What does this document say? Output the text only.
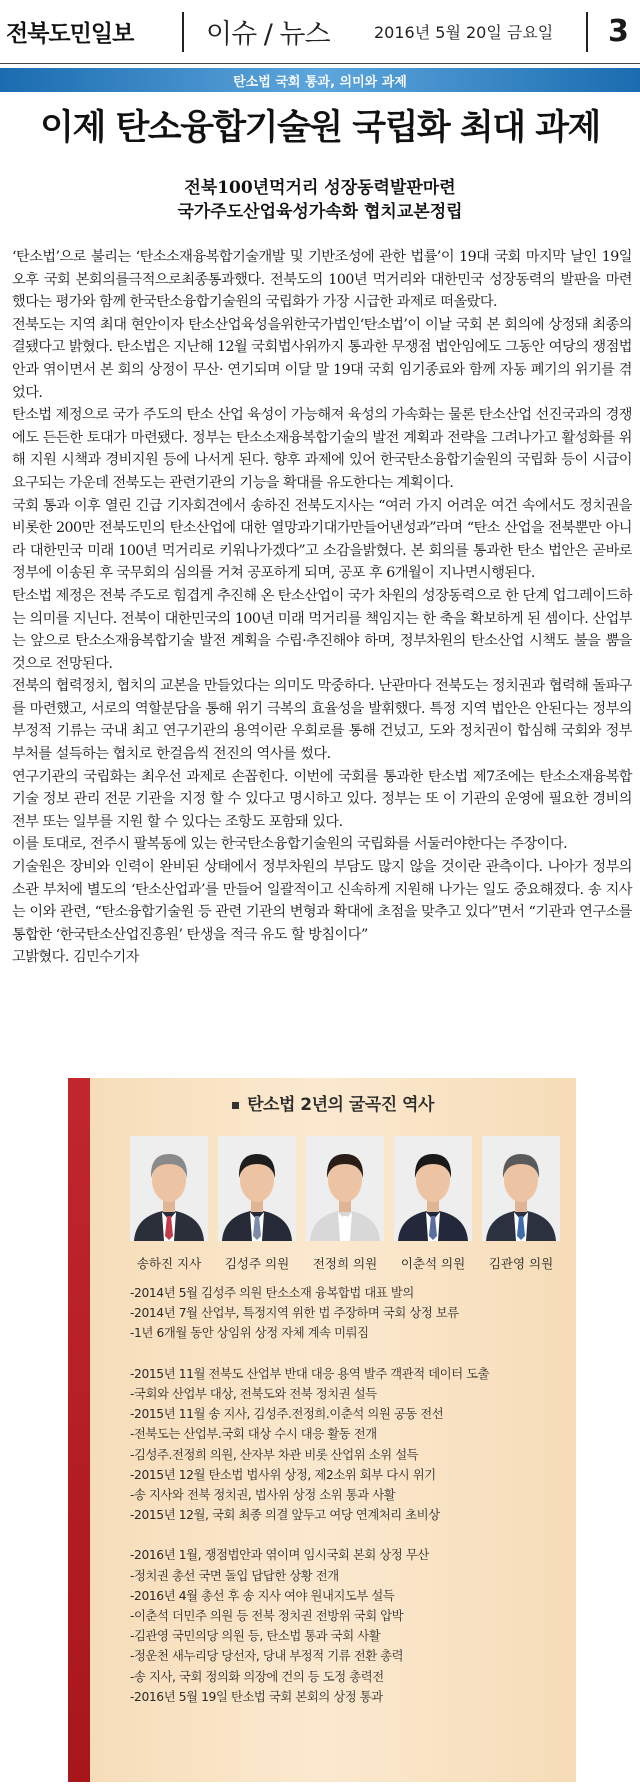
전북도민일보	이슈 / 뉴스	2016년 5월 20일 금요일	3
탄소법 국회 통과, 의미와 과제
이제 탄소융합기술원 국립화 최대 과제
전북100년먹거리 성장동력발판마련
국가주도산업육성가속화 협치교본정립

‘탄소법’으로 불리는 ‘탄소소재융복합기술개발 및 기반조성에 관한 법률’이 19대 국회 마지막 날인 19일 오후 국회 본회의를극적으로최종통과했다. 전북도의 100년 먹거리와 대한민국 성장동력의 발판을 마련했다는 평가와 함께 한국탄소융합기술원의 국립화가 가장 시급한 과제로 떠올랐다.

전북도는 지역 최대 현안이자 탄소산업육성을위한국가법인‘탄소법’이 이날 국회 본 회의에 상정돼 최종의결됐다고 밝혔다. 탄소법은 지난해 12월 국회법사위까지 통과한 무쟁점 법안임에도 그동안 여당의 쟁점법안과 엮이면서 본 회의 상정이 무산· 연기되며 이달 말 19대 국회 임기종료와 함께 자동 폐기의 위기를 겪었다.

탄소법 제정으로 국가 주도의 탄소 산업 육성이 가능해져 육성의 가속화는 물론 탄소산업 선진국과의 경쟁에도 든든한 토대가 마련됐다. 정부는 탄소소재융복합기술의 발전 계획과 전략을 그려나가고 활성화를 위해 지원 시책과 경비지원 등에 나서게 된다. 향후 과제에 있어 한국탄소융합기술원의 국립화 등이 시급이 요구되는 가운데 전북도는 관련기관의 기능을 확대를 유도한다는 계획이다.

국회 통과 이후 열린 긴급 기자회견에서 송하진 전북도지사는 “여러 가지 어려운 여건 속에서도 정치권을 비롯한 200만 전북도민의 탄소산업에 대한 열망과기대가만들어낸성과”라며 “탄소 산업을 전북뿐만 아니라 대한민국 미래 100년 먹거리로 키워나가겠다”고 소감을밝혔다. 본 회의를 통과한 탄소 법안은 곧바로 정부에 이송된 후 국무회의 심의를 거쳐 공포하게 되며, 공포 후 6개월이 지나면시행된다.

탄소법 제정은 전북 주도로 힘겹게 추진해 온 탄소산업이 국가 차원의 성장동력으로 한 단계 업그레이드하는 의미를 지닌다. 전북이 대한민국의 100년 미래 먹거리를 책임지는 한 축을 확보하게 된 셈이다. 산업부는 앞으로 탄소소재융복합기술 발전 계획을 수립·추진해야 하며, 정부차원의 탄소산업 시책도 불을 뿜을 것으로 전망된다.

전북의 협력정치, 협치의 교본을 만들었다는 의미도 막중하다. 난관마다 전북도는 정치권과 협력해 돌파구를 마련했고, 서로의 역할분담을 통해 위기 극복의 효율성을 발휘했다. 특정 지역 법안은 안된다는 정부의 부정적 기류는 국내 최고 연구기관의 용역이란 우회로를 통해 건넜고, 도와 정치권이 합심해 국회와 정부부처를 설득하는 협치로 한걸음씩 전진의 역사를 썼다.

연구기관의 국립화는 최우선 과제로 손꼽힌다. 이번에 국회를 통과한 탄소법 제7조에는 탄소소재융복합 기술 정보 관리 전문 기관을 지정 할 수 있다고 명시하고 있다. 정부는 또 이 기관의 운영에 필요한 경비의 전부 또는 일부를 지원 할 수 있다는 조항도 포함돼 있다.

이를 토대로, 전주시 팔복동에 있는 한국탄소융합기술원의 국립화를 서둘러야한다는 주장이다.

기술원은 장비와 인력이 완비된 상태에서 정부차원의 부담도 많지 않을 것이란 관측이다. 나아가 정부의 소관 부처에 별도의 ‘탄소산업과’를 만들어 일괄적이고 신속하게 지원해 나가는 일도 중요해졌다. 송 지사는 이와 관련, “탄소융합기술원 등 관련 기관의 변형과 확대에 초점을 맞추고 있다”면서 “기관과 연구소를 통합한 ‘한국탄소산업진흥원’ 탄생을 적극 유도 할 방침이다”

고밝혔다. 김민수기자

탄소법 2년의 굴곡진 역사
송하진 지사	김성주 의원	전정희 의원	이춘석 의원	김관영 의원
-2014년 5월 김성주 의원 탄소소재 융복합법 대표 발의
-2014년 7월 산업부, 특정지역 위한 법 주장하며 국회 상정 보류
-1년 6개월 동안 상임위 상정 자체 계속 미뤄짐
-2015년 11월 전북도 산업부 반대 대응 용역 발주 객관적 데이터 도출
-국회와 산업부 대상, 전북도와 전북 정치권 설득
-2015년 11월 송 지사, 김성주.전정희.이춘석 의원 공동 전선
-전북도는 산업부.국회 대상 수시 대응 활동 전개
-김성주.전정희 의원, 산자부 차관 비롯 산업위 소위 설득
-2015년 12월 탄소법 법사위 상정, 제2소위 회부 다시 위기
-송 지사와 전북 정치권, 법사위 상정 소위 통과 사활
-2015년 12월, 국회 최종 의결 앞두고 여당 연계처리 초비상
-2016년 1월, 쟁점법안과 엮이며 임시국회 본회 상정 무산
-정치권 총선 국면 돌입 답답한 상황 전개
-2016년 4월 총선 후 송 지사 여야 원내지도부 설득
-이춘석 더민주 의원 등 전북 정치권 전방위 국회 압박
-김관영 국민의당 의원 등, 탄소법 통과 국회 사활
-정운천 새누리당 당선자, 당내 부정적 기류 전환 총력
-송 지사, 국회 정의화 의장에 건의 등 도정 총력전
-2016년 5월 19일 탄소법 국회 본회의 상정 통과
